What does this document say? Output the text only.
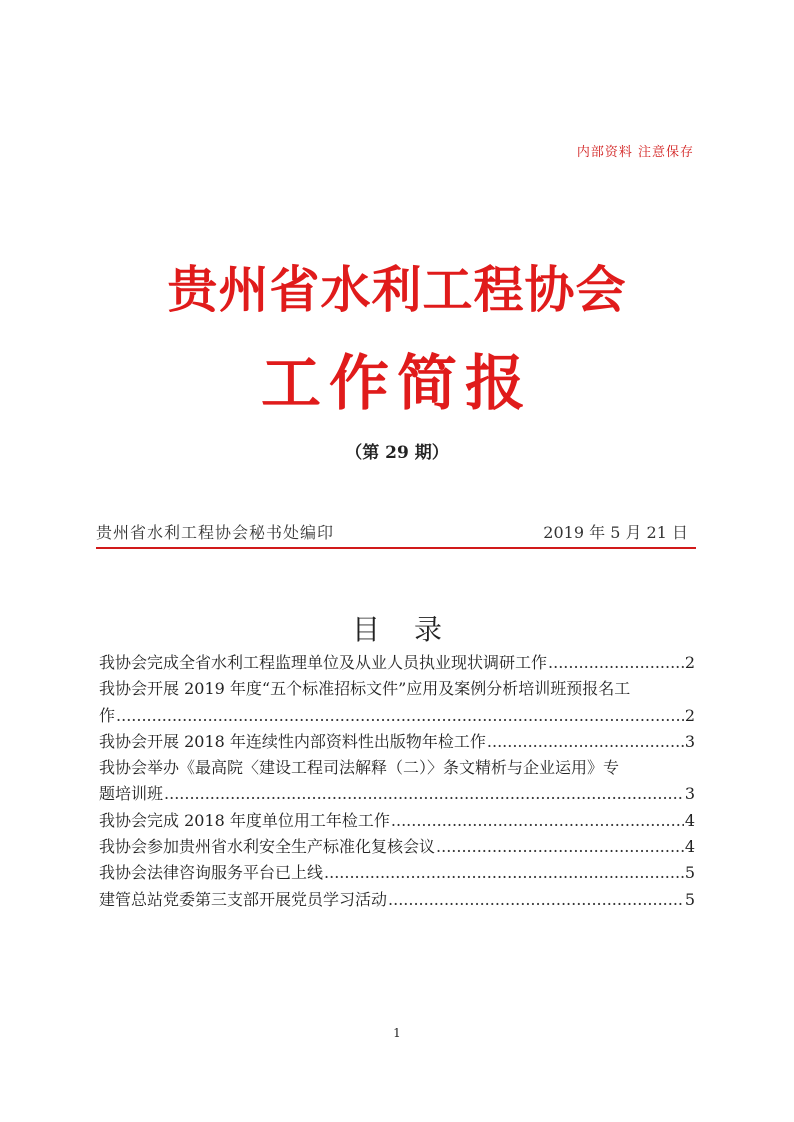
内部资料 注意保存
贵州省水利工程协会
工作简报
（第 29 期）
贵州省水利工程协会秘书处编印	2019 年 5 月 21 日
目录
我协会完成全省水利工程监理单位及从业人员执业现状调研工作 .....	2
我协会开展 2019 年度“五个标准招标文件”应用及案例分析培训班预报名工
作 .....	2
我协会开展 2018 年连续性内部资料性出版物年检工作 .....	3
我协会举办《最高院〈建设工程司法解释（二）〉条文精析与企业运用》专
题培训班 .....	3
我协会完成 2018 年度单位用工年检工作 .....	4
我协会参加贵州省水利安全生产标准化复核会议 .....	4
我协会法律咨询服务平台已上线 .....	5
建管总站党委第三支部开展党员学习活动 .....	5
1
